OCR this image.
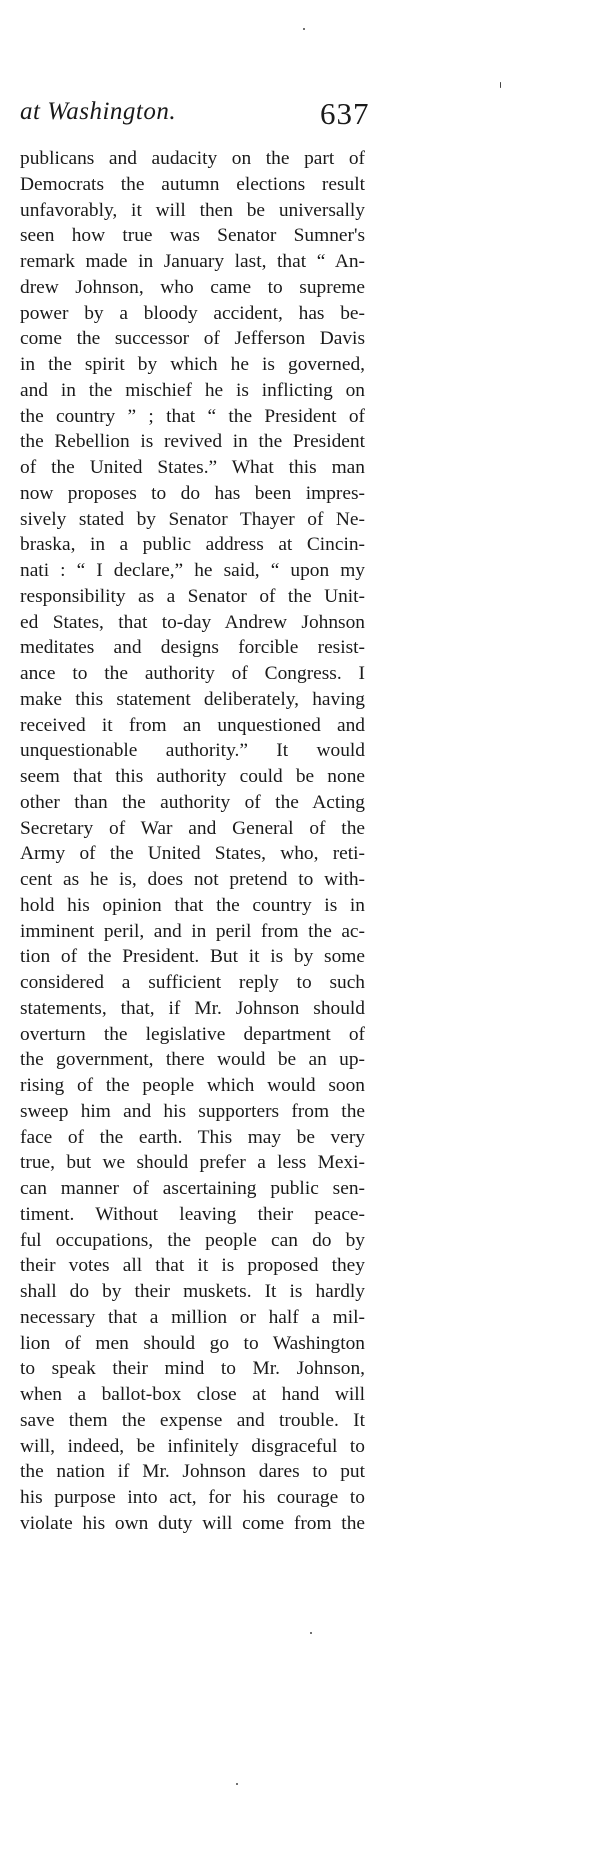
at Washington.	637
publicans and audacity on the part of
Democrats the autumn elections result
unfavorably, it will then be universally
seen how true was Senator Sumner's
remark made in January last, that “ An-
drew Johnson, who came to supreme
power by a bloody accident, has be-
come the successor of Jefferson Davis
in the spirit by which he is governed,
and in the mischief he is inflicting on
the country ” ; that “ the President of
the Rebellion is revived in the President
of the United States.” What this man
now proposes to do has been impres-
sively stated by Senator Thayer of Ne-
braska, in a public address at Cincin-
nati : “ I declare,” he said, “ upon my
responsibility as a Senator of the Unit-
ed States, that to-day Andrew Johnson
meditates and designs forcible resist-
ance to the authority of Congress. I
make this statement deliberately, having
received it from an unquestioned and
unquestionable authority.” It would
seem that this authority could be none
other than the authority of the Acting
Secretary of War and General of the
Army of the United States, who, reti-
cent as he is, does not pretend to with-
hold his opinion that the country is in
imminent peril, and in peril from the ac-
tion of the President. But it is by some
considered a sufficient reply to such
statements, that, if Mr. Johnson should
overturn the legislative department of
the government, there would be an up-
rising of the people which would soon
sweep him and his supporters from the
face of the earth. This may be very
true, but we should prefer a less Mexi-
can manner of ascertaining public sen-
timent. Without leaving their peace-
ful occupations, the people can do by
their votes all that it is proposed they
shall do by their muskets. It is hardly
necessary that a million or half a mil-
lion of men should go to Washington
to speak their mind to Mr. Johnson,
when a ballot-box close at hand will
save them the expense and trouble. It
will, indeed, be infinitely disgraceful to
the nation if Mr. Johnson dares to put
his purpose into act, for his courage to
violate his own duty will come from the
